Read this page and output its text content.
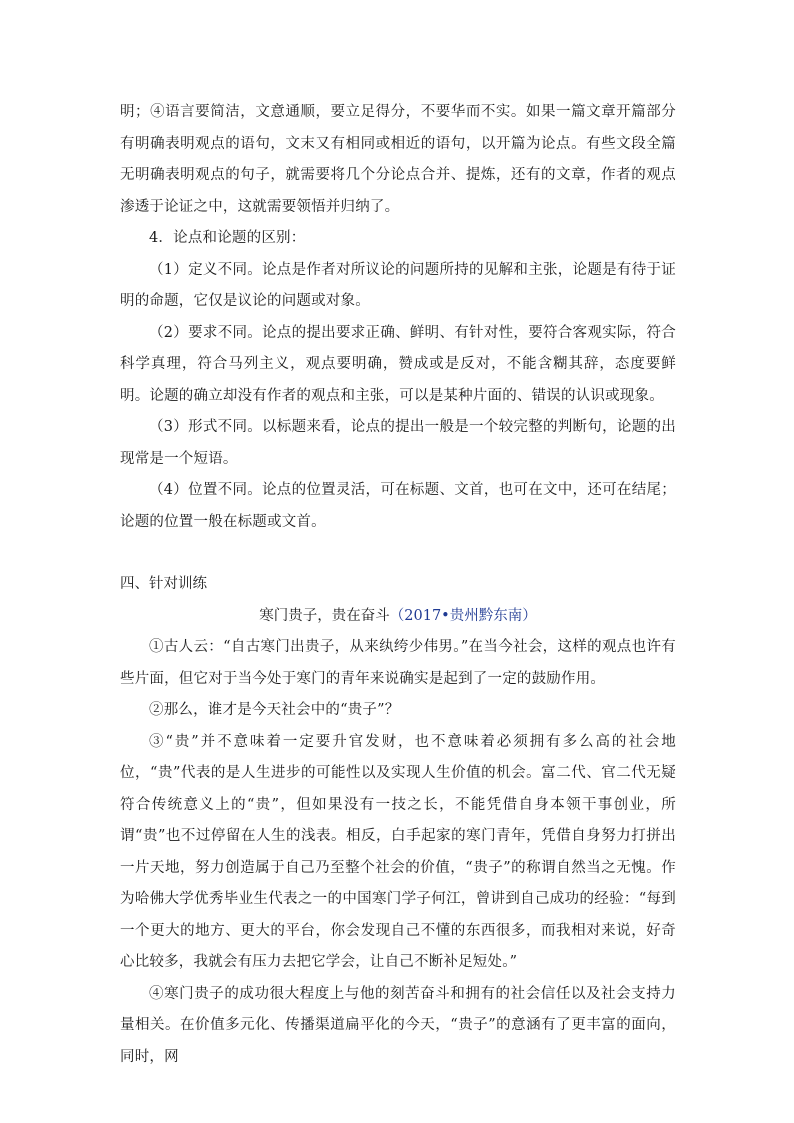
明；④语言要简洁，文意通顺，要立足得分，不要华而不实。如果一篇文章开篇部分有明确表明观点的语句，文末又有相同或相近的语句，以开篇为论点。有些文段全篇无明确表明观点的句子，就需要将几个分论点合并、提炼，还有的文章，作者的观点渗透于论证之中，这就需要领悟并归纳了。

4．论点和论题的区别：

（1）定义不同。论点是作者对所议论的问题所持的见解和主张，论题是有待于证明的命题，它仅是议论的问题或对象。

（2）要求不同。论点的提出要求正确、鲜明、有针对性，要符合客观实际，符合科学真理，符合马列主义，观点要明确，赞成或是反对，不能含糊其辞，态度要鲜明。论题的确立却没有作者的观点和主张，可以是某种片面的、错误的认识或现象。

（3）形式不同。以标题来看，论点的提出一般是一个较完整的判断句，论题的出现常是一个短语。

（4）位置不同。论点的位置灵活，可在标题、文首，也可在文中，还可在结尾；论题的位置一般在标题或文首。

四、针对训练

寒门贵子，贵在奋斗（2017•贵州黔东南）

①古人云：“自古寒门出贵子，从来纨绔少伟男。”在当今社会，这样的观点也许有些片面，但它对于当今处于寒门的青年来说确实是起到了一定的鼓励作用。

②那么，谁才是今天社会中的“贵子”？

③“贵”并不意味着一定要升官发财，也不意味着必须拥有多么高的社会地位，“贵”代表的是人生进步的可能性以及实现人生价值的机会。富二代、官二代无疑符合传统意义上的“贵”，但如果没有一技之长，不能凭借自身本领干事创业，所谓“贵”也不过停留在人生的浅表。相反，白手起家的寒门青年，凭借自身努力打拼出一片天地，努力创造属于自己乃至整个社会的价值，“贵子”的称谓自然当之无愧。作为哈佛大学优秀毕业生代表之一的中国寒门学子何江，曾讲到自己成功的经验：“每到一个更大的地方、更大的平台，你会发现自己不懂的东西很多，而我相对来说，好奇心比较多，我就会有压力去把它学会，让自己不断补足短处。”

④寒门贵子的成功很大程度上与他的刻苦奋斗和拥有的社会信任以及社会支持力量相关。在价值多元化、传播渠道扁平化的今天，“贵子”的意涵有了更丰富的面向，同时，网
